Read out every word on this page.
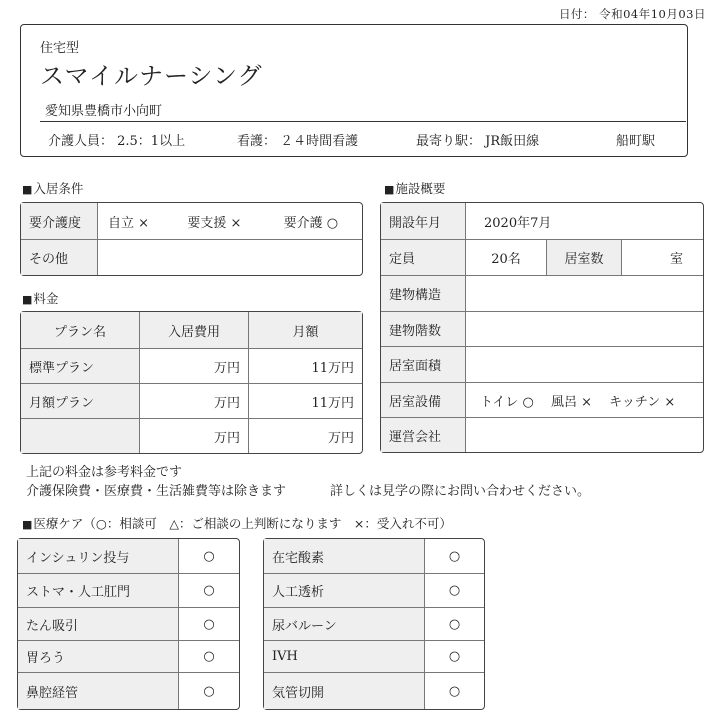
日付： 令和04年10月03日
住宅型
スマイルナーシング
愛知県豊橋市小向町
介護人員： 2.5：1以上	看護： ２４時間看護	最寄り駅： JR飯田線	船町駅
■ 入居条件
要介護度	自立 × 要支援 × 要介護 ○
その他	
■ 料金
プラン名	入居費用	月額
標準プラン	万円	11万円
月額プラン	万円	11万円
	万円	万円
上記の料金は参考料金です
介護保険費・医療費・生活雑費等は除きます	詳しくは見学の際にお問い合わせください。
■ 施設概要
開設年月	2020年7月		
定員	20名	居室数	室
建物構造			
建物階数			
居室面積			
居室設備	トイレ ○　 風呂 ×　 キッチン ×		
運営会社			
■ 医療ケア（○：相談可　△：ご相談の上判断になります　×：受入れ不可）
インシュリン投与	○
ストマ・人工肛門	○
たん吸引	○
胃ろう	○
鼻腔経管	○
在宅酸素	○
人工透析	○
尿バルーン	○
IVH	○
気管切開	○
